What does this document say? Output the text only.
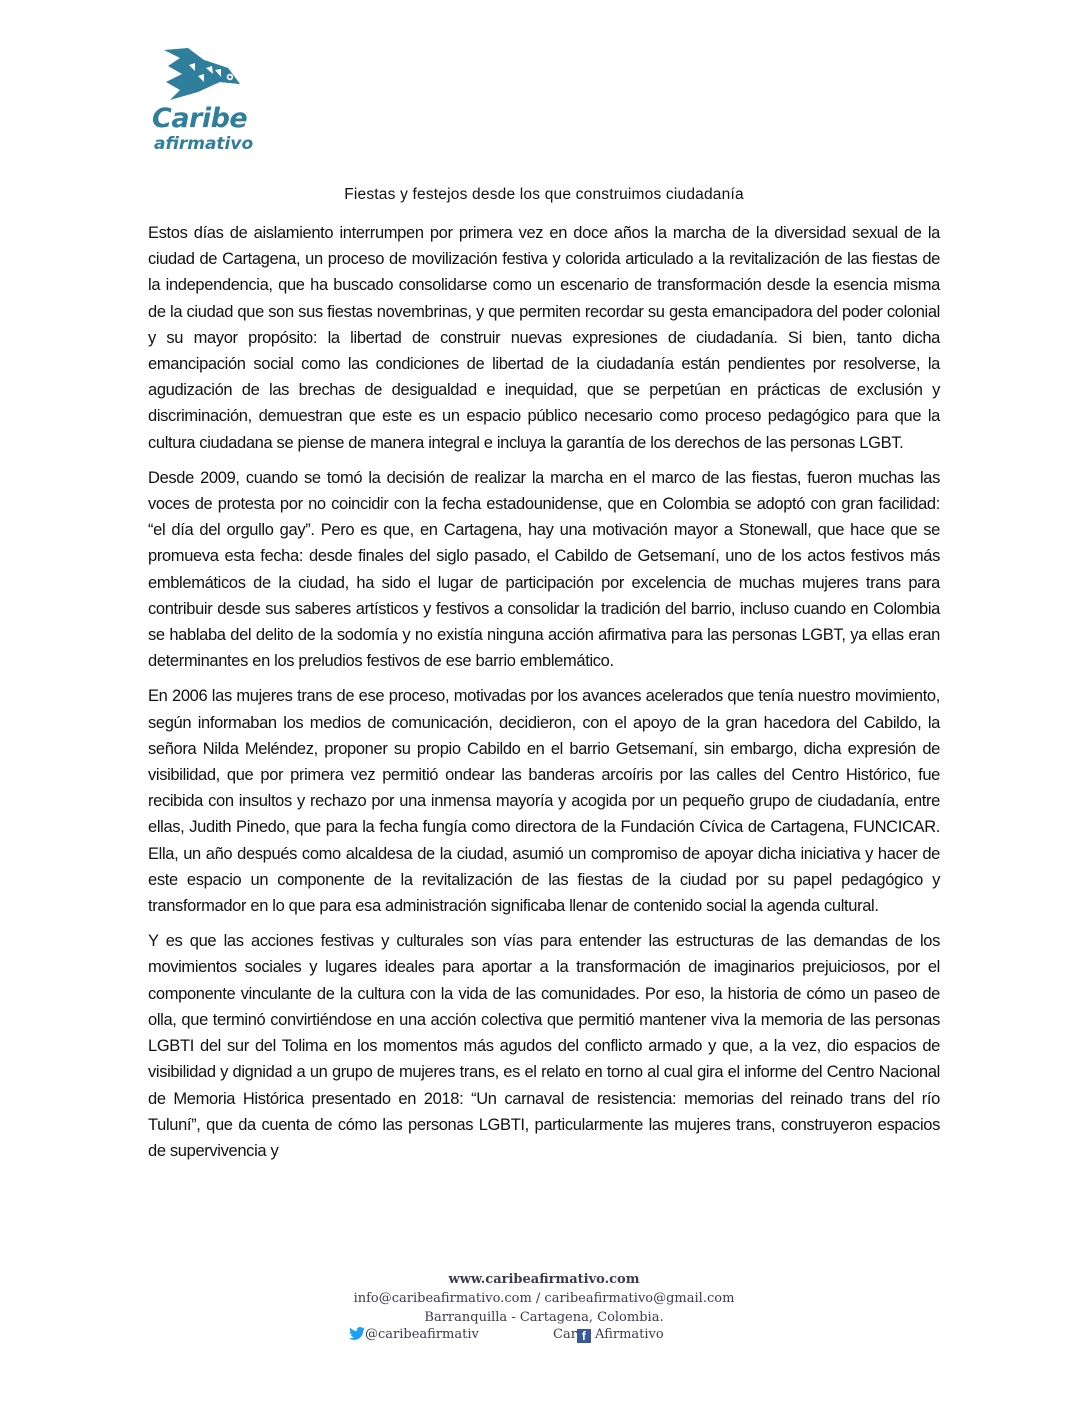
Caribe
afirmativo
Fiestas y festejos desde los que construimos ciudadanía

Estos días de aislamiento interrumpen por primera vez en doce años la marcha de la diversidad sexual de la ciudad de Cartagena, un proceso de movilización festiva y colorida articulado a la revitalización de las fiestas de la independencia, que ha buscado consolidarse como un escenario de transformación desde la esencia misma de la ciudad que son sus fiestas novembrinas, y que permiten recordar su gesta emancipadora del poder colonial y su mayor propósito: la libertad de construir nuevas expresiones de ciudadanía. Si bien, tanto dicha emancipación social como las condiciones de libertad de la ciudadanía están pendientes por resolverse, la agudización de las brechas de desigualdad e inequidad, que se perpetúan en prácticas de exclusión y discriminación, demuestran que este es un espacio público necesario como proceso pedagógico para que la cultura ciudadana se piense de manera integral e incluya la garantía de los derechos de las personas LGBT.

Desde 2009, cuando se tomó la decisión de realizar la marcha en el marco de las fiestas, fueron muchas las voces de protesta por no coincidir con la fecha estadounidense, que en Colombia se adoptó con gran facilidad: “el día del orgullo gay”. Pero es que, en Cartagena, hay una motivación mayor a Stonewall, que hace que se promueva esta fecha: desde finales del siglo pasado, el Cabildo de Getsemaní, uno de los actos festivos más emblemáticos de la ciudad, ha sido el lugar de participación por excelencia de muchas mujeres trans para contribuir desde sus saberes artísticos y festivos a consolidar la tradición del barrio, incluso cuando en Colombia se hablaba del delito de la sodomía y no existía ninguna acción afirmativa para las personas LGBT, ya ellas eran determinantes en los preludios festivos de ese barrio emblemático.

En 2006 las mujeres trans de ese proceso, motivadas por los avances acelerados que tenía nuestro movimiento, según informaban los medios de comunicación, decidieron, con el apoyo de la gran hacedora del Cabildo, la señora Nilda Meléndez, proponer su propio Cabildo en el barrio Getsemaní, sin embargo, dicha expresión de visibilidad, que por primera vez permitió ondear las banderas arcoíris por las calles del Centro Histórico, fue recibida con insultos y rechazo por una inmensa mayoría y acogida por un pequeño grupo de ciudadanía, entre ellas, Judith Pinedo, que para la fecha fungía como directora de la Fundación Cívica de Cartagena, FUNCICAR. Ella, un año después como alcaldesa de la ciudad, asumió un compromiso de apoyar dicha iniciativa y hacer de este espacio un componente de la revitalización de las fiestas de la ciudad por su papel pedagógico y transformador en lo que para esa administración significaba llenar de contenido social la agenda cultural.

Y es que las acciones festivas y culturales son vías para entender las estructuras de las demandas de los movimientos sociales y lugares ideales para aportar a la transformación de imaginarios prejuiciosos, por el componente vinculante de la cultura con la vida de las comunidades. Por eso, la historia de cómo un paseo de olla, que terminó convirtiéndose en una acción colectiva que permitió mantener viva la memoria de las personas LGBTI del sur del Tolima en los momentos más agudos del conflicto armado y que, a la vez, dio espacios de visibilidad y dignidad a un grupo de mujeres trans, es el relato en torno al cual gira el informe del Centro Nacional de Memoria Histórica presentado en 2018: “Un carnaval de resistencia: memorias del reinado trans del río Tuluní”, que da cuenta de cómo las personas LGBTI, particularmente las mujeres trans, construyeron espacios de supervivencia y

www.caribeafirmativo.com
info@caribeafirmativo.com / caribeafirmativo@gmail.com
Barranquilla - Cartagena, Colombia.
@caribeafirmativ	Car f Afirmativo
